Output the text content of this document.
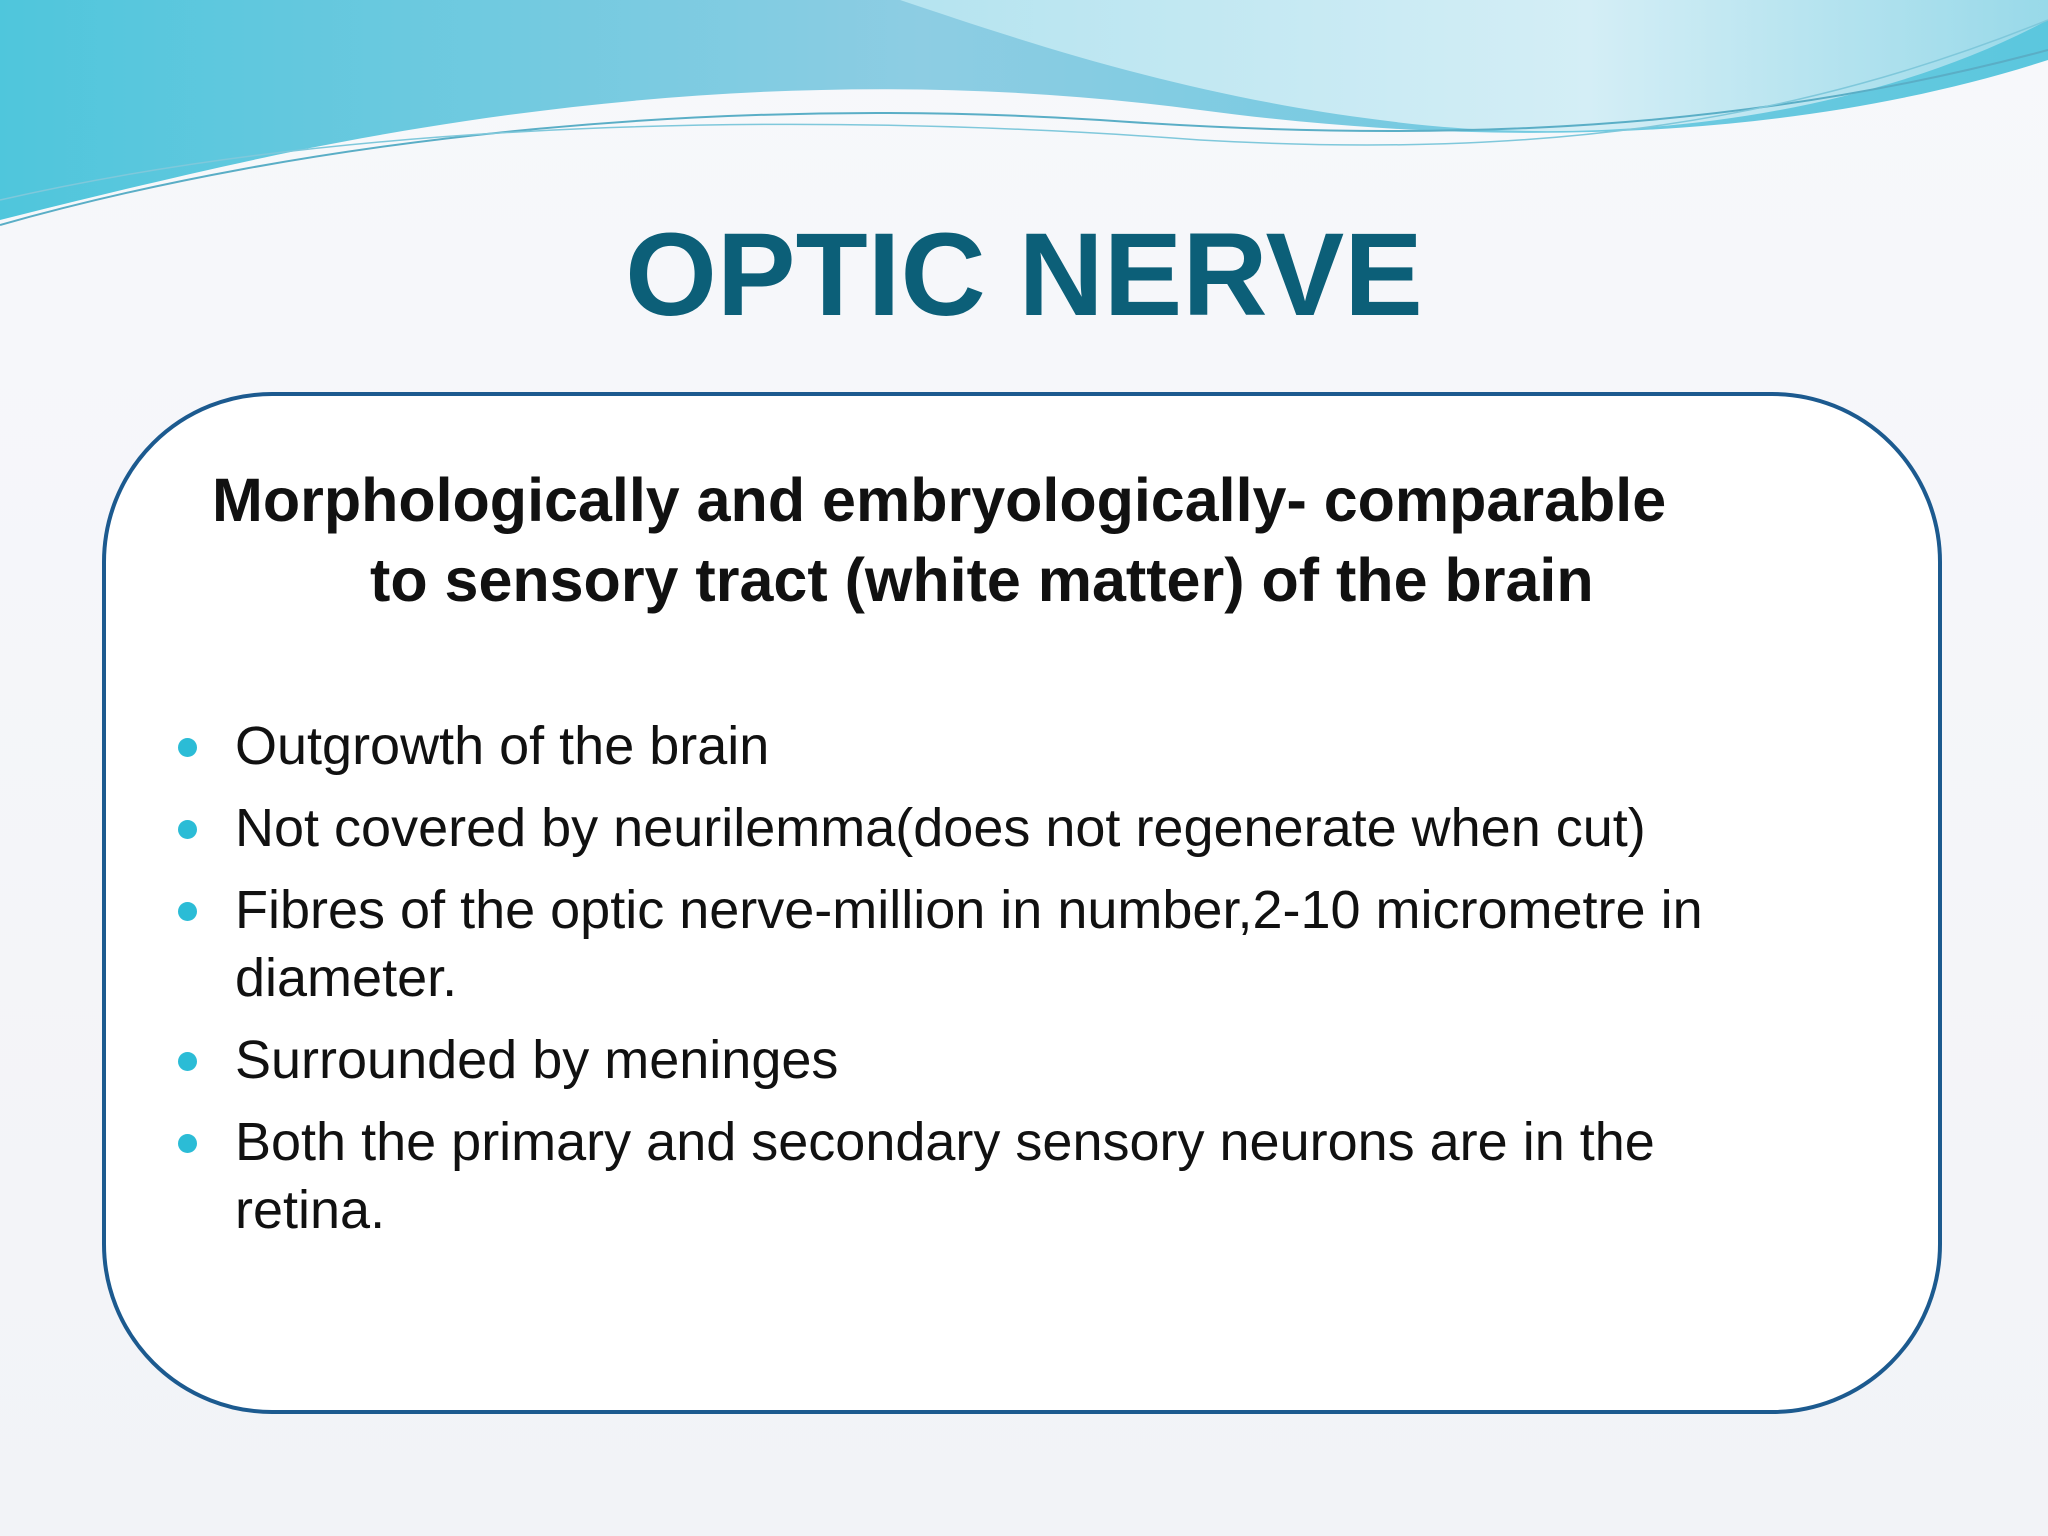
OPTIC NERVE
Morphologically and embryologically- comparable
to sensory tract (white matter) of the brain
Outgrowth of the brain
Not covered by neurilemma(does not regenerate when cut)
Fibres of the optic nerve-million in number,2-10 micrometre in diameter.
Surrounded by meninges
Both the primary and secondary sensory neurons are in the retina.
